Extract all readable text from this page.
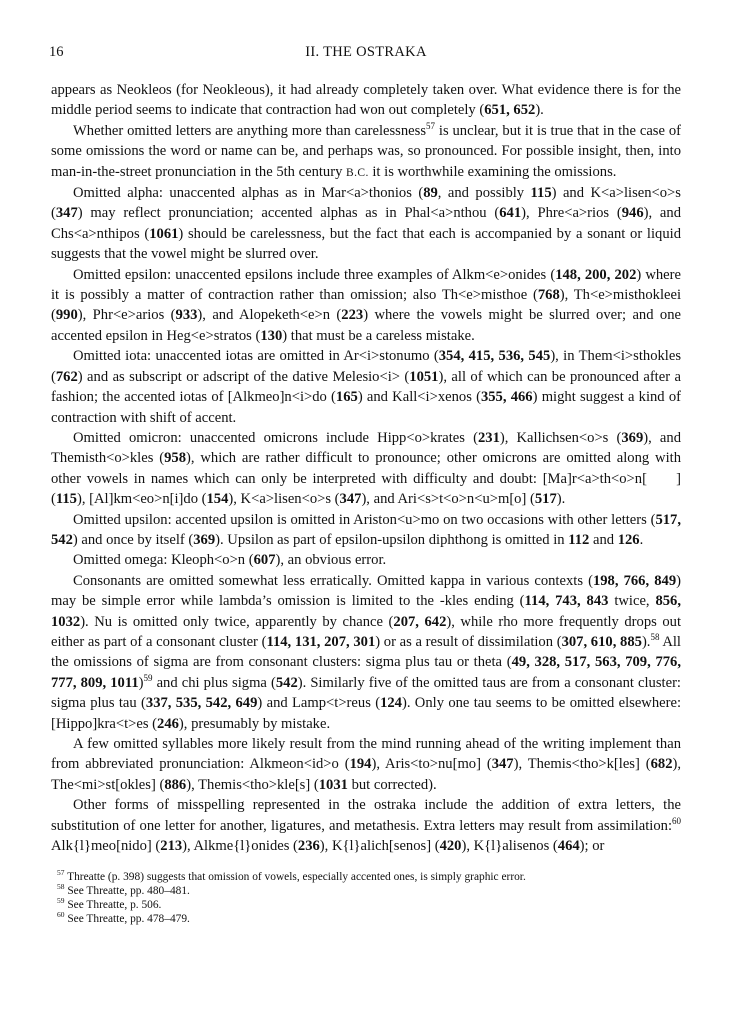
16	II. THE OSTRAKA

appears as Neokleos (for Neokleous), it had already completely taken over. What evidence there is for the middle period seems to indicate that contraction had won out completely (651, 652).

Whether omitted letters are anything more than carelessness$^{57}$ is unclear, but it is true that in the case of some omissions the word or name can be, and perhaps was, so pronounced. For possible insight, then, into man-in-the-street pronunciation in the 5th century B.C. it is worthwhile examining the omissions.

Omitted alpha: unaccented alphas as in Mar<a>thonios (89, and possibly 115) and K<a>lisen<o>s (347) may reflect pronunciation; accented alphas as in Phal<a>nthou (641), Phre<a>rios (946), and Chs<a>nthipos (1061) should be carelessness, but the fact that each is accompanied by a sonant or liquid suggests that the vowel might be slurred over.

Omitted epsilon: unaccented epsilons include three examples of Alkm<e>onides (148, 200, 202) where it is possibly a matter of contraction rather than omission; also Th<e>misthoe (768), Th<e>misthokleei (990), Phr<e>arios (933), and Alopeketh<e>n (223) where the vowels might be slurred over; and one accented epsilon in Heg<e>stratos (130) that must be a careless mistake.

Omitted iota: unaccented iotas are omitted in Ar<i>stonumo (354, 415, 536, 545), in Them<i>sthokles (762) and as subscript or adscript of the dative Melesio<i> (1051), all of which can be pronounced after a fashion; the accented iotas of [Alkmeo]n<i>do (165) and Kall<i>xenos (355, 466) might suggest a kind of contraction with shift of accent.

Omitted omicron: unaccented omicrons include Hipp<o>krates (231), Kallichsen<o>s (369), and Themisth<o>kles (958), which are rather difficult to pronounce; other omicrons are omitted along with other vowels in names which can only be interpreted with difficulty and doubt: [Ma]r<a>th<o>n[  ] (115), [Al]km<eo>n[i]do (154), K<a>lisen<o>s (347), and Ari<s>t<o>n<u>m[o] (517).

Omitted upsilon: accented upsilon is omitted in Ariston<u>mo on two occasions with other letters (517, 542) and once by itself (369). Upsilon as part of epsilon-upsilon diphthong is omitted in 112 and 126.

Omitted omega: Kleoph<o>n (607), an obvious error.

Consonants are omitted somewhat less erratically. Omitted kappa in various contexts (198, 766, 849) may be simple error while lambda’s omission is limited to the -kles ending (114, 743, 843 twice, 856, 1032). Nu is omitted only twice, apparently by chance (207, 642), while rho more frequently drops out either as part of a consonant cluster (114, 131, 207, 301) or as a result of dissimilation (307, 610, 885).$^{58}$ All the omissions of sigma are from consonant clusters: sigma plus tau or theta (49, 328, 517, 563, 709, 776, 777, 809, 1011)$^{59}$ and chi plus sigma (542). Similarly five of the omitted taus are from a consonant cluster: sigma plus tau (337, 535, 542, 649) and Lamp<t>reus (124). Only one tau seems to be omitted elsewhere: [Hippo]kra<t>es (246), presumably by mistake.

A few omitted syllables more likely result from the mind running ahead of the writing implement than from abbreviated pronunciation: Alkmeon<id>o (194), Aris<to>nu[mo] (347), Themis<tho>k[les] (682), The<mi>st[okles] (886), Themis<tho>kle[s] (1031 but corrected).

Other forms of misspelling represented in the ostraka include the addition of extra letters, the substitution of one letter for another, ligatures, and metathesis. Extra letters may result from assimilation:$^{60}$ Alk{l}meo[nido] (213), Alkme{l}onides (236), K{l}alich[senos] (420), K{l}alisenos (464); or

$^{57}$ Threatte (p. 398) suggests that omission of vowels, especially accented ones, is simply graphic error.
$^{58}$ See Threatte, pp. 480–481.
$^{59}$ See Threatte, p. 506.
$^{60}$ See Threatte, pp. 478–479.
